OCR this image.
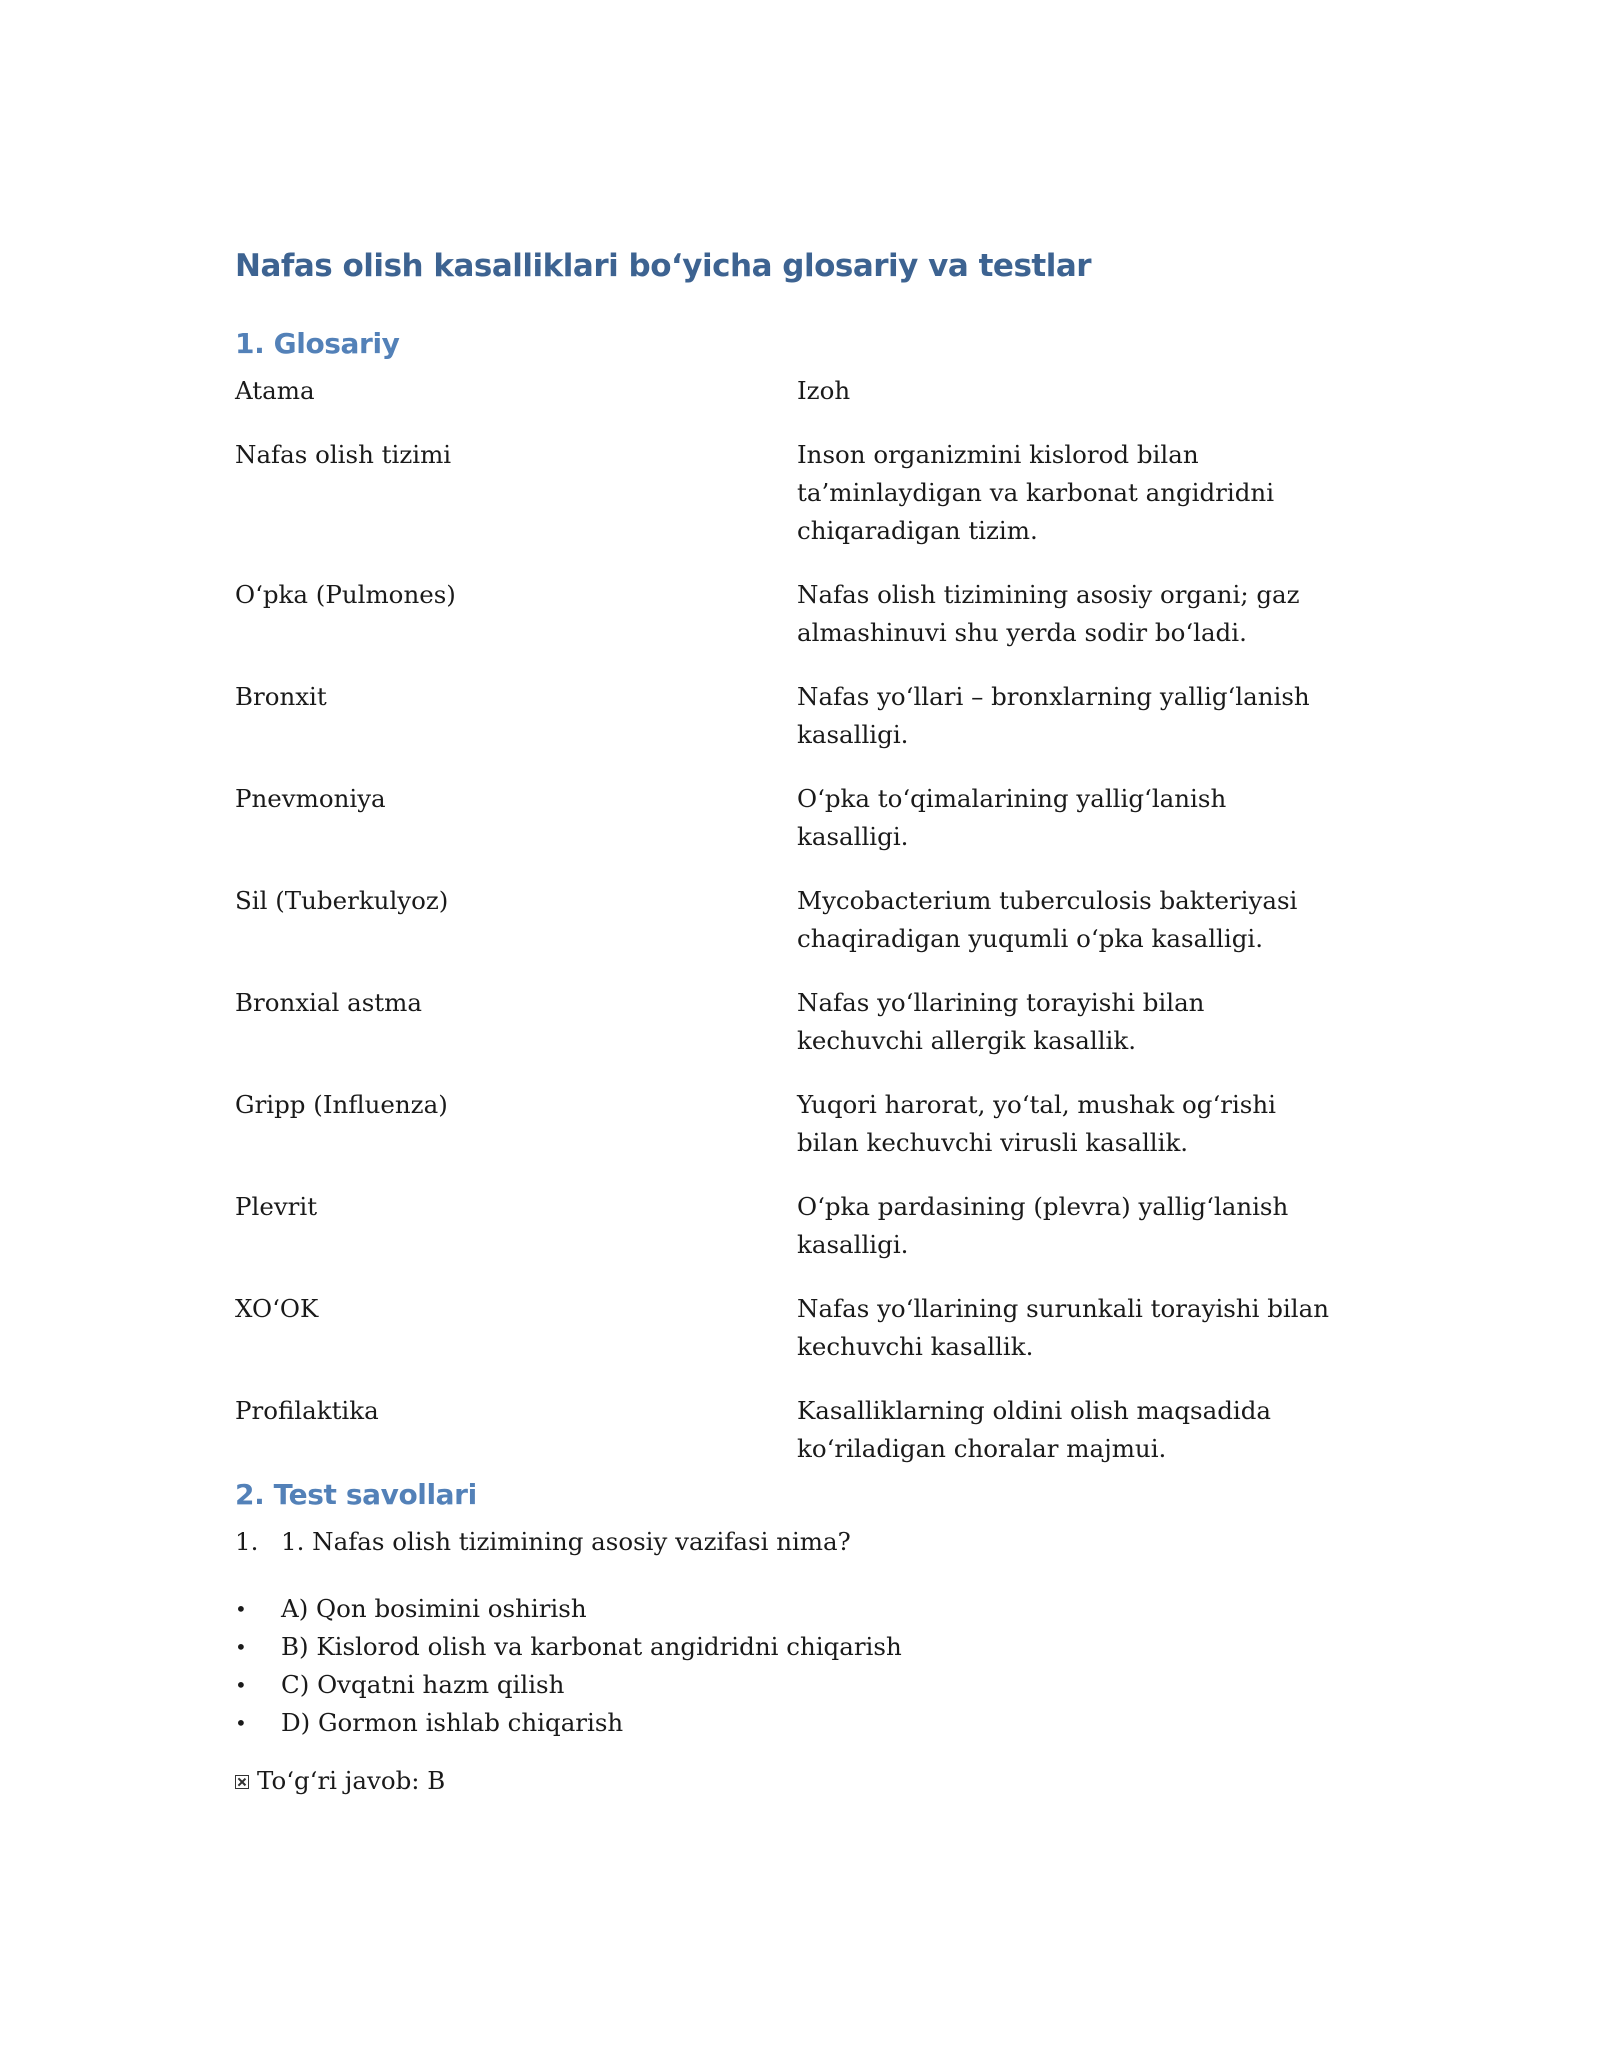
Nafas olish kasalliklari bo‘yicha glosariy va testlar
1. Glosariy
Atama	Izoh
Nafas olish tizimi	Inson organizmini kislorod bilan ta’minlaydigan va karbonat angidridni chiqaradigan tizim.
O‘pka (Pulmones)	Nafas olish tizimining asosiy organi; gaz almashinuvi shu yerda sodir bo‘ladi.
Bronxit	Nafas yo‘llari – bronxlarning yallig‘lanish kasalligi.
Pnevmoniya	O‘pka to‘qimalarining yallig‘lanish kasalligi.
Sil (Tuberkulyoz)	Mycobacterium tuberculosis bakteriyasi chaqiradigan yuqumli o‘pka kasalligi.
Bronxial astma	Nafas yo‘llarining torayishi bilan kechuvchi allergik kasallik.
Gripp (Influenza)	Yuqori harorat, yo‘tal, mushak og‘rishi bilan kechuvchi virusli kasallik.
Plevrit	O‘pka pardasining (plevra) yallig‘lanish kasalligi.
XO‘OK	Nafas yo‘llarining surunkali torayishi bilan kechuvchi kasallik.
Profilaktika	Kasalliklarning oldini olish maqsadida ko‘riladigan choralar majmui.
2. Test savollari
1. 1. Nafas olish tizimining asosiy vazifasi nima?
•	A) Qon bosimini oshirish
•	B) Kislorod olish va karbonat angidridni chiqarish
•	C) Ovqatni hazm qilish
•	D) Gormon ishlab chiqarish
To‘g‘ri javob: B
